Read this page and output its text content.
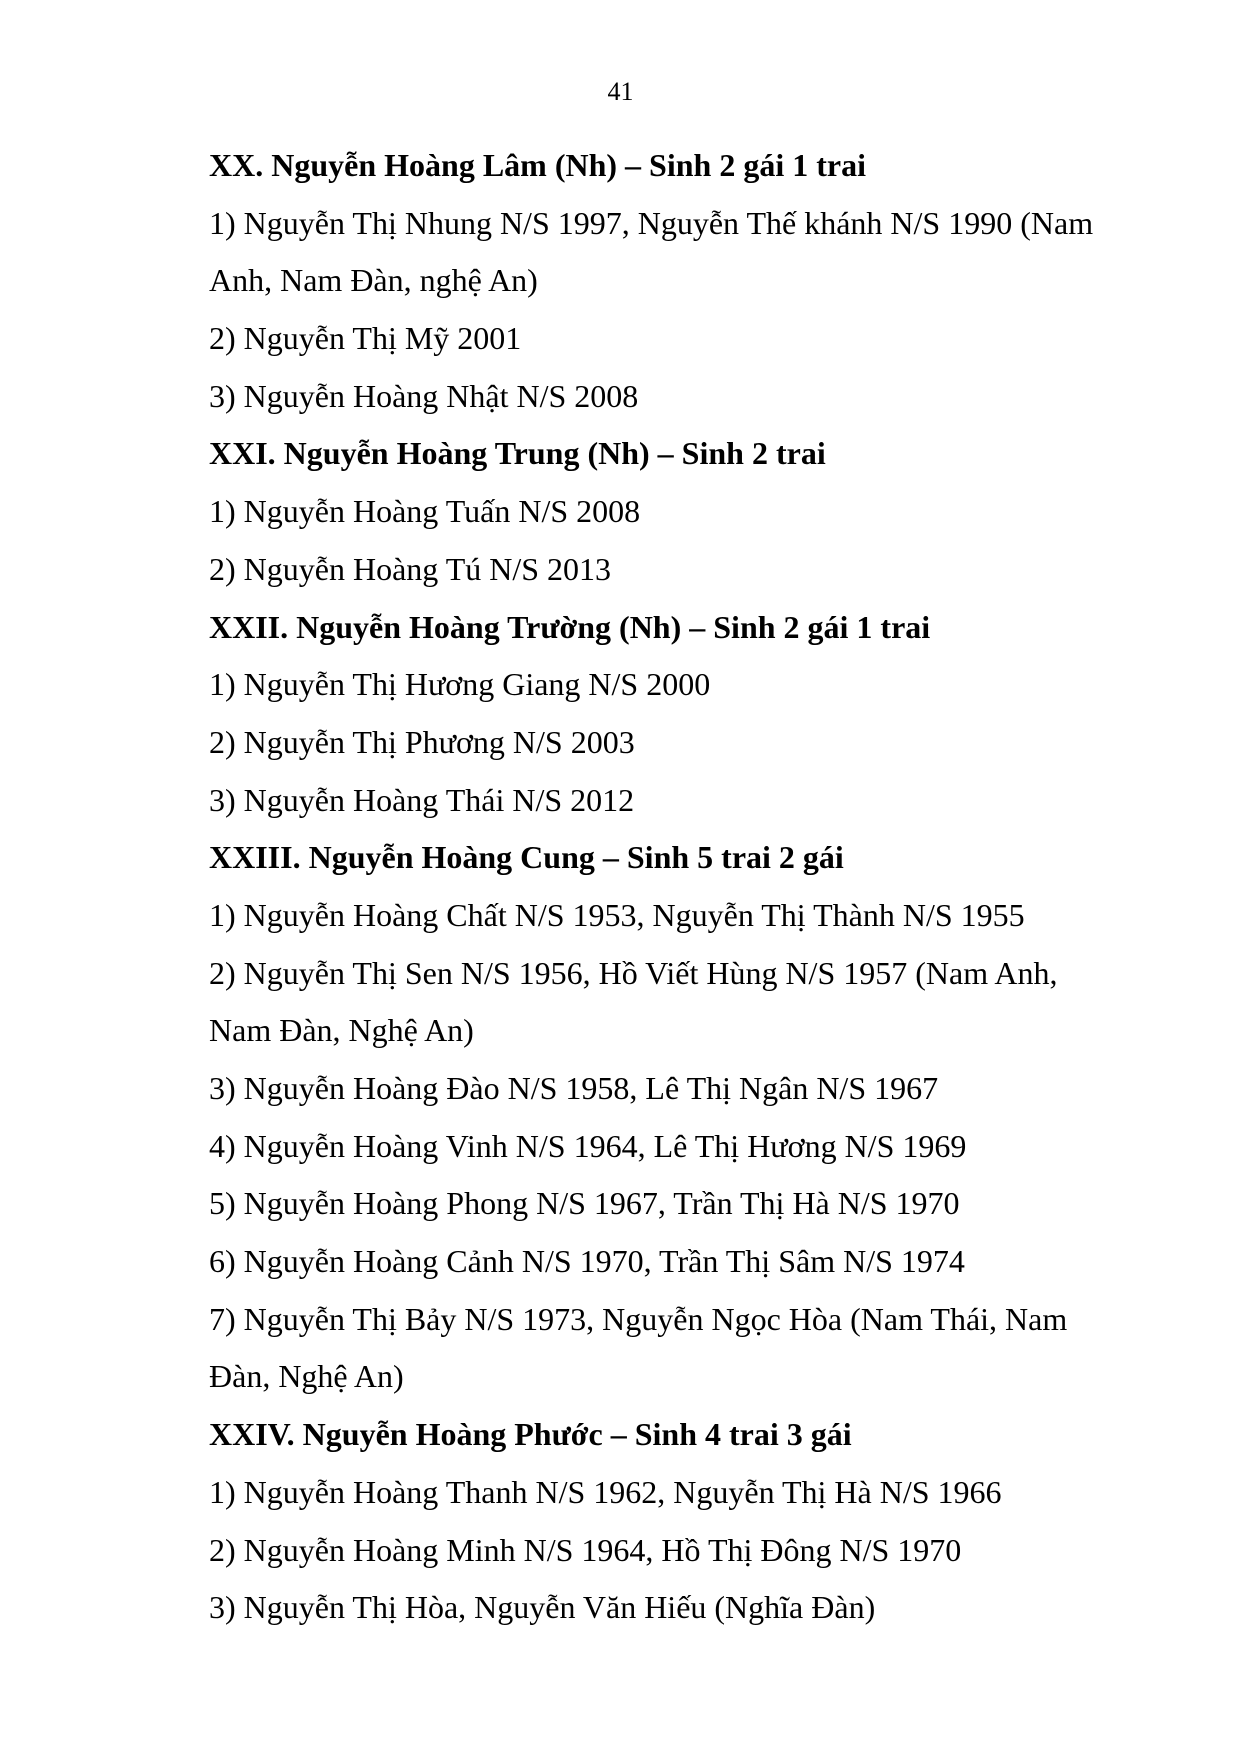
41
XX. Nguyễn Hoàng Lâm (Nh) – Sinh 2 gái 1 trai
1) Nguyễn Thị Nhung N/S 1997, Nguyễn Thế khánh N/S 1990 (Nam
Anh, Nam Đàn, nghệ An)
2) Nguyễn Thị Mỹ 2001
3) Nguyễn Hoàng Nhật N/S 2008
XXI. Nguyễn Hoàng Trung (Nh) – Sinh 2 trai
1) Nguyễn Hoàng Tuấn N/S 2008
2) Nguyễn Hoàng Tú N/S 2013
XXII. Nguyễn Hoàng Trường (Nh) – Sinh 2 gái 1 trai
1) Nguyễn Thị Hương Giang N/S 2000
2) Nguyễn Thị Phương N/S 2003
3) Nguyễn Hoàng Thái N/S 2012
XXIII. Nguyễn Hoàng Cung – Sinh 5 trai 2 gái
1) Nguyễn Hoàng Chất N/S 1953, Nguyễn Thị Thành N/S 1955
2) Nguyễn Thị Sen N/S 1956, Hồ Viết Hùng N/S 1957 (Nam Anh,
Nam Đàn, Nghệ An)
3) Nguyễn Hoàng Đào N/S 1958, Lê Thị Ngân N/S 1967
4) Nguyễn Hoàng Vinh N/S 1964, Lê Thị Hương N/S 1969
5) Nguyễn Hoàng Phong N/S 1967, Trần Thị Hà N/S 1970
6) Nguyễn Hoàng Cảnh N/S 1970, Trần Thị Sâm N/S 1974
7) Nguyễn Thị Bảy N/S 1973, Nguyễn Ngọc Hòa (Nam Thái, Nam
Đàn, Nghệ An)
XXIV. Nguyễn Hoàng Phước – Sinh 4 trai 3 gái
1) Nguyễn Hoàng Thanh N/S 1962, Nguyễn Thị Hà N/S 1966
2) Nguyễn Hoàng Minh N/S 1964, Hồ Thị Đông N/S 1970
3) Nguyễn Thị Hòa, Nguyễn Văn Hiếu (Nghĩa Đàn)
